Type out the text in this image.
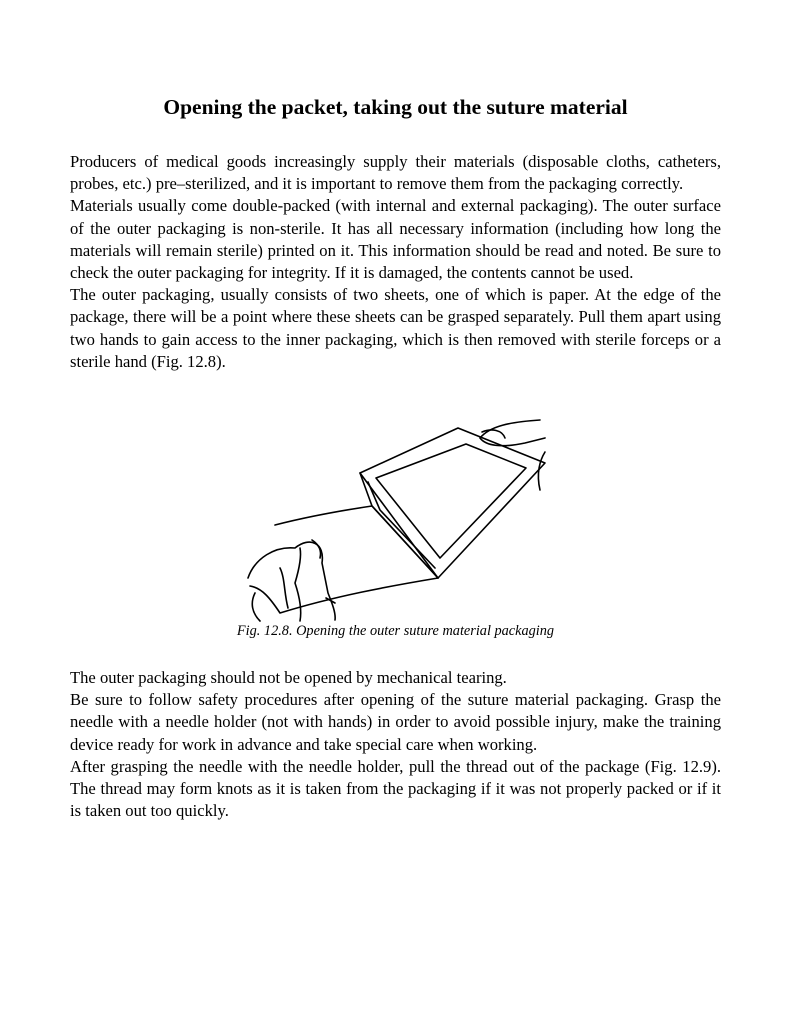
Opening the packet, taking out the suture material

Producers of medical goods increasingly supply their materials (disposable cloths, catheters, probes, etc.) pre–sterilized, and it is important to remove them from the packaging correctly.

Materials usually come double-packed (with internal and external packaging). The outer surface of the outer packaging is non-sterile. It has all necessary information (including how long the materials will remain sterile) printed on it. This information should be read and noted. Be sure to check the outer packaging for integrity. If it is damaged, the contents cannot be used.

The outer packaging, usually consists of two sheets, one of which is paper. At the edge of the package, there will be a point where these sheets can be grasped separately. Pull them apart using two hands to gain access to the inner packaging, which is then removed with sterile forceps or a sterile hand (Fig. 12.8).

Fig. 12.8. Opening the outer suture material packaging

The outer packaging should not be opened by mechanical tearing.

Be sure to follow safety procedures after opening of the suture material packaging. Grasp the needle with a needle holder (not with hands) in order to avoid possible injury, make the training device ready for work in advance and take special care when working.

After grasping the needle with the needle holder, pull the thread out of the package (Fig. 12.9). The thread may form knots as it is taken from the packaging if it was not properly packed or if it is taken out too quickly.
